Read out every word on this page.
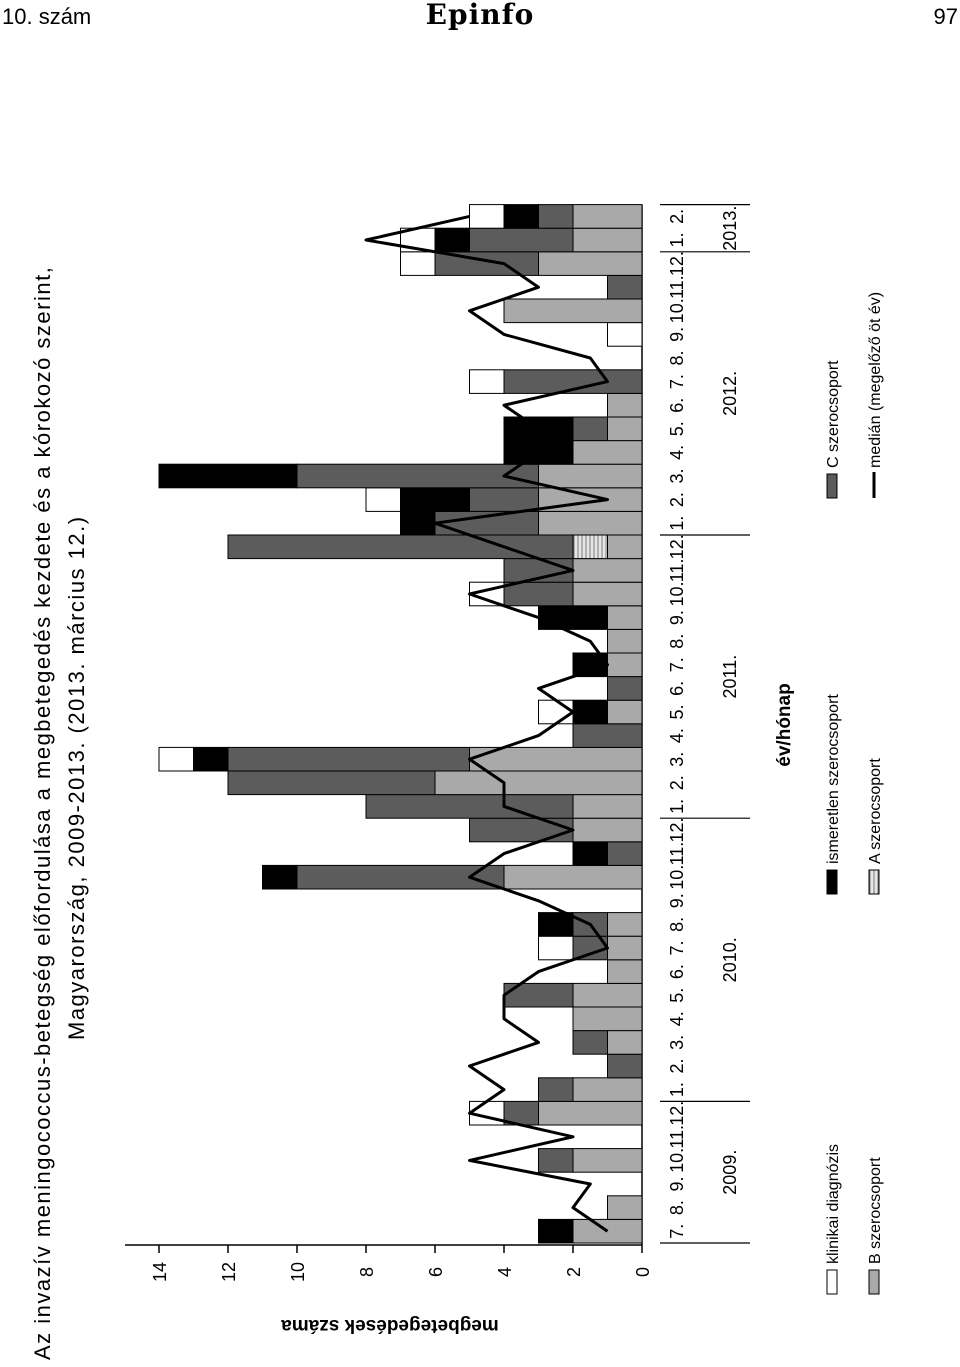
10. szám	Epinfo	97
Az invazív meningococcus-betegség előfordulása a megbetegedés kezdete és a kórokozó szerint, Magyarország, 2009-2013. (2013. március 12.)
megbetegedések száma
év/hónap
0
2
4
6
8
10
12
14
7.
8.
9.
10.
11.
12.
1.
2.
3.
4.
5.
6.
7.
8.
9.
10.
11.
12.
1.
2.
3.
4.
5.
6.
7.
8.
9.
10.
11.
12.
1.
2.
3.
4.
5.
6.
7.
8.
9.
10.
11.
12.
1.
2.
2009.
2010.
2011.
2012.
2013.
klinikai diagnózis
ismeretlen szerocsoport
C szerocsoport
B szerocsoport
A szerocsoport
medián (megelőző öt év)
